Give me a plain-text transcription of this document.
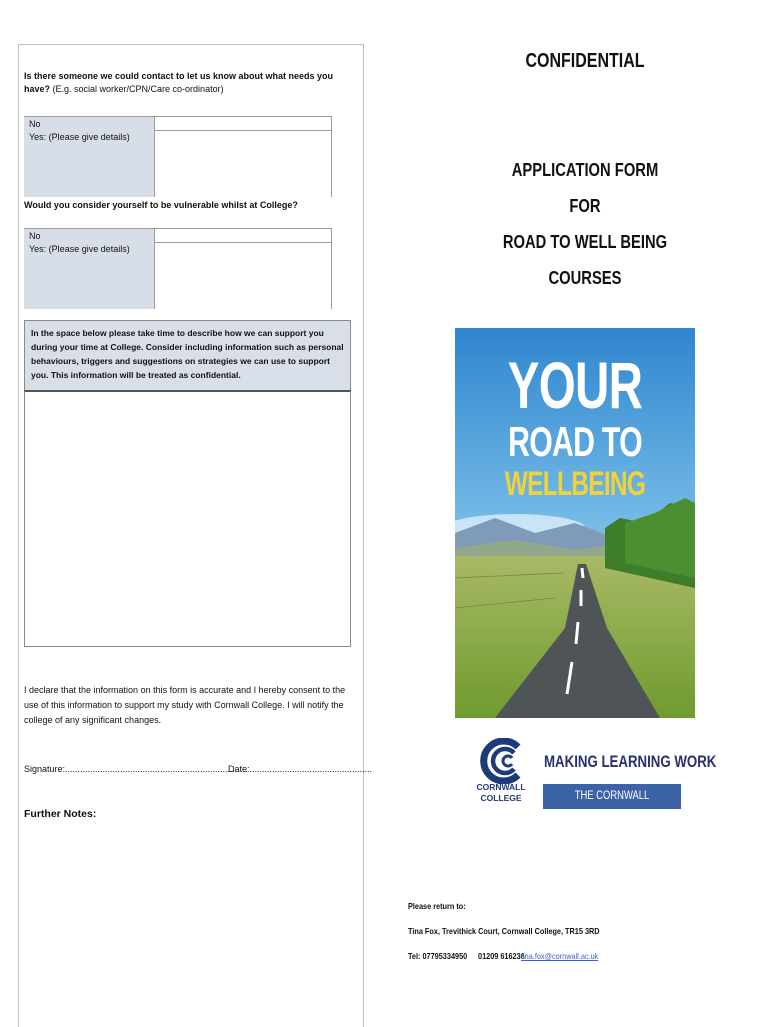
Is there someone we could contact to let us know about what needs you have? (E.g. social worker/CPN/Care co-ordinator)
No
Yes: (Please give details)
Would you consider yourself to be vulnerable whilst at College?
No
Yes: (Please give details)
In the space below please take time to describe how we can support you during your time at College. Consider including information such as personal behaviours, triggers and suggestions on strategies we can use to support you. This information will be treated as confidential.
I declare that the information on this form is accurate and I hereby consent to the use of this information to support my study with Cornwall College. I will notify the college of any significant changes.
Signature:.........................................................................
Date:.................................................
Further Notes:
CONFIDENTIAL
APPLICATION FORM
FOR
ROAD TO WELL BEING
COURSES
YOUR
ROAD TO
WELLBEING
CORNWALL
COLLEGE
MAKING LEARNING WORK
THE CORNWALL COLLEGE GROUP
Please return to:
Tina Fox, Trevithick Court, Cornwall College, TR15 3RD
Tel: 07795334950 01209 616236
tina.fox@cornwall.ac.uk
